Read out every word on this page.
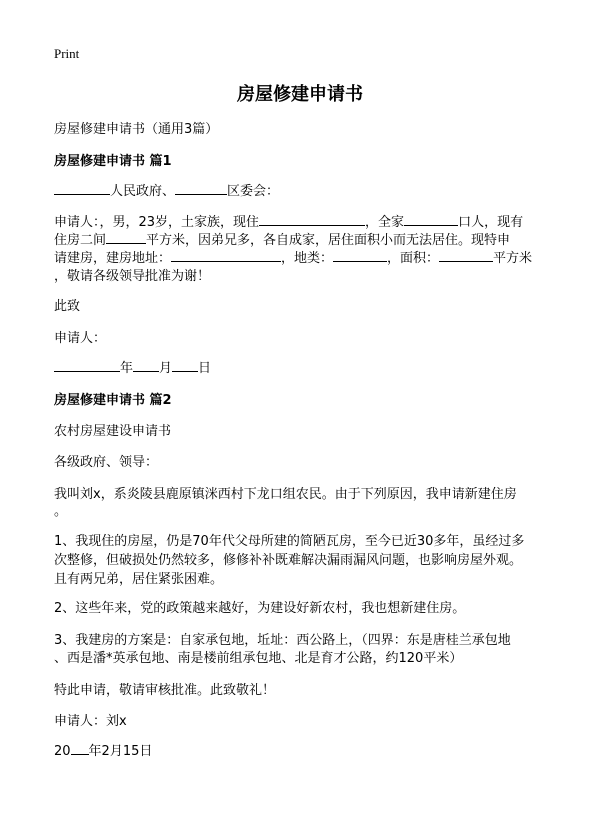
Print
房屋修建申请书
房屋修建申请书（通用3篇）
房屋修建申请书 篇1
人民政府、	区委会：
申请人：，男，23岁，土家族，现住	，全家	口人，现有
住房二间	平方米，因弟兄多，各自成家，居住面积小而无法居住。现特申
请建房，建房地址：	，地类：	，面积：	平方米
，敬请各级领导批准为谢！
此致
申请人：
年 月 日
房屋修建申请书 篇2
农村房屋建设申请书
各级政府、领导：
我叫刘x，系炎陵县鹿原镇洣西村下龙口组农民。由于下列原因，我申请新建住房
。
1、我现住的房屋，仍是70年代父母所建的简陋瓦房，至今已近30多年，虽经过多
次整修，但破损处仍然较多，修修补补既难解决漏雨漏风问题，也影响房屋外观。
且有两兄弟，居住紧张困难。
2、这些年来，党的政策越来越好，为建设好新农村，我也想新建住房。
3、我建房的方案是：自家承包地，坵址：西公路上，（四界：东是唐桂兰承包地
、西是潘*英承包地、南是楼前组承包地、北是育才公路，约120平米）
特此申请，敬请审核批准。此致敬礼！
申请人：刘x
20 年2月15日
